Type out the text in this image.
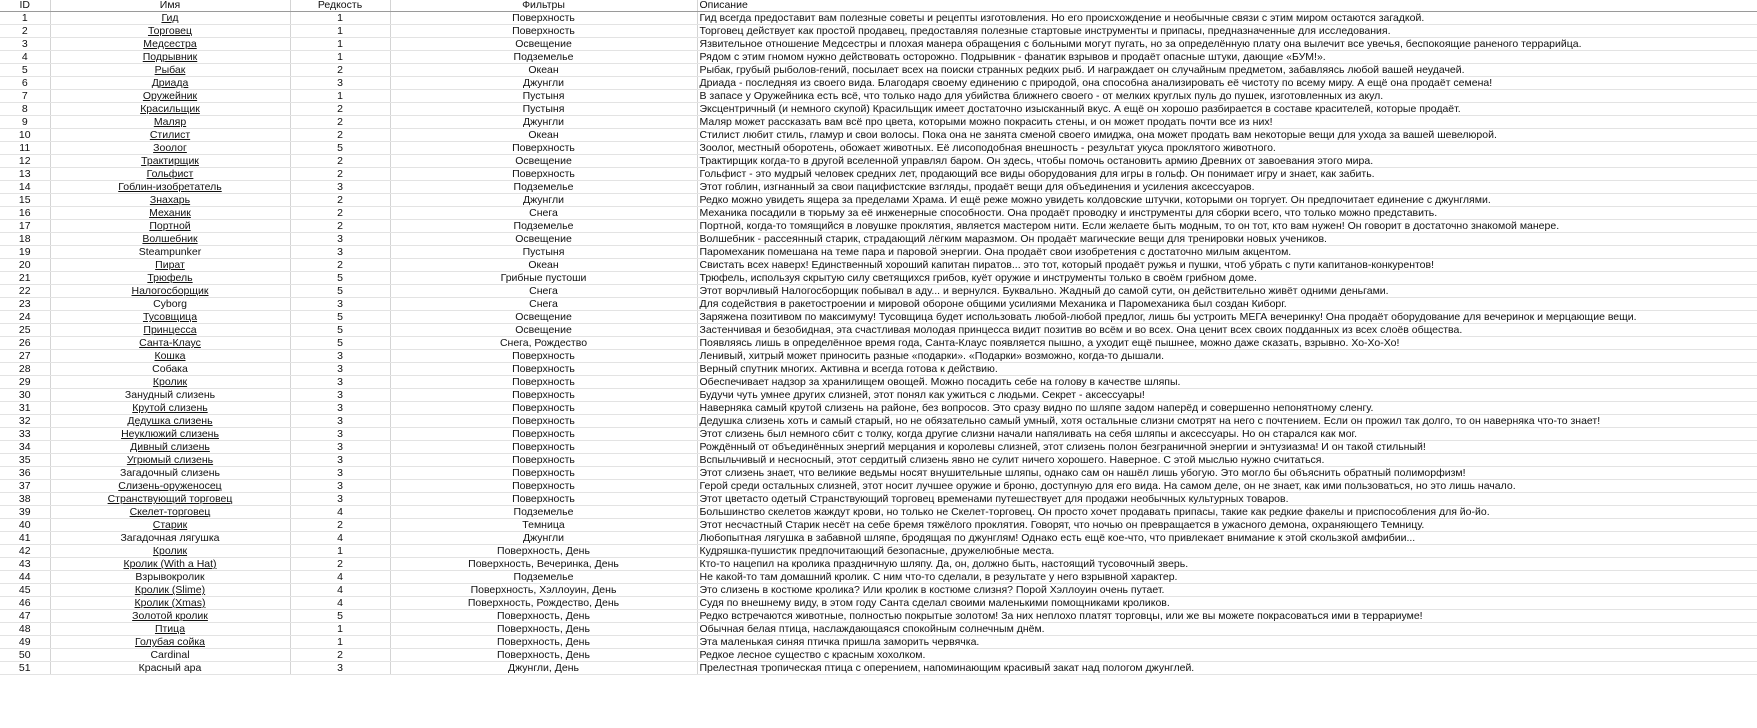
ID	Имя	Редкость	Фильтры	Описание
1	Гид	1	Поверхность	Гид всегда предоставит вам полезные советы и рецепты изготовления. Но его происхождение и необычные связи с этим миром остаются загадкой.
2	Торговец	1	Поверхность	Торговец действует как простой продавец, предоставляя полезные стартовые инструменты и припасы, предназначенные для исследования.
3	Медсестра	1	Освещение	Язвительное отношение Медсестры и плохая манера обращения с больными могут пугать, но за определённую плату она вылечит все увечья, беспокоящие раненого террарийца.
4	Подрывник	1	Подземелье	Рядом с этим гномом нужно действовать осторожно. Подрывник - фанатик взрывов и продаёт опасные штуки, дающие «БУМ!».
5	Рыбак	2	Океан	Рыбак, грубый рыболов-гений, посылает всех на поиски странных редких рыб. И награждает он случайным предметом, забавляясь любой вашей неудачей.
6	Дриада	3	Джунгли	Дриада - последняя из своего вида. Благодаря своему единению с природой, она способна анализировать её чистоту по всему миру. А ещё она продаёт семена!
7	Оружейник	1	Пустыня	В запасе у Оружейника есть всё, что только надо для убийства ближнего своего - от мелких круглых пуль до пушек, изготовленных из акул.
8	Красильщик	2	Пустыня	Эксцентричный (и немного скупой) Красильщик имеет достаточно изысканный вкус. А ещё он хорошо разбирается в составе красителей, которые продаёт.
9	Маляр	2	Джунгли	Маляр может рассказать вам всё про цвета, которыми можно покрасить стены, и он может продать почти все из них!
10	Стилист	2	Океан	Стилист любит стиль, гламур и свои волосы. Пока она не занята сменой своего имиджа, она может продать вам некоторые вещи для ухода за вашей шевелюрой.
11	Зоолог	5	Поверхность	Зоолог, местный оборотень, обожает животных. Её лисоподобная внешность - результат укуса проклятого животного.
12	Трактирщик	2	Освещение	Трактирщик когда-то в другой вселенной управлял баром. Он здесь, чтобы помочь остановить армию Древних от завоевания этого мира.
13	Гольфист	2	Поверхность	Гольфист - это мудрый человек средних лет, продающий все виды оборудования для игры в гольф. Он понимает игру и знает, как забить.
14	Гоблин-изобретатель	3	Подземелье	Этот гоблин, изгнанный за свои пацифистские взгляды, продаёт вещи для объединения и усиления аксессуаров.
15	Знахарь	2	Джунгли	Редко можно увидеть ящера за пределами Храма. И ещё реже можно увидеть колдовские штучки, которыми он торгует. Он предпочитает единение с джунглями.
16	Механик	2	Снега	Механика посадили в тюрьму за её инженерные способности. Она продаёт проводку и инструменты для сборки всего, что только можно представить.
17	Портной	2	Подземелье	Портной, когда-то томящийся в ловушке проклятия, является мастером нити. Если желаете быть модным, то он тот, кто вам нужен! Он говорит в достаточно знакомой манере.
18	Волшебник	3	Освещение	Волшебник - рассеянный старик, страдающий лёгким маразмом. Он продаёт магические вещи для тренировки новых учеников.
19	Steampunker	3	Пустыня	Паромеханик помешана на теме пара и паровой энергии. Она продаёт свои изобретения с достаточно милым акцентом.
20	Пират	2	Океан	Свистать всех наверх! Единственный хороший капитан пиратов... это тот, который продаёт ружья и пушки, чтоб убрать с пути капитанов-конкурентов!
21	Трюфель	5	Грибные пустоши	Трюфель, используя скрытую силу светящихся грибов, куёт оружие и инструменты только в своём грибном доме.
22	Налогосборщик	5	Снега	Этот ворчливый Налогосборщик побывал в аду... и вернулся. Буквально. Жадный до самой сути, он действительно живёт одними деньгами.
23	Cyborg	3	Снега	Для содействия в ракетостроении и мировой обороне общими усилиями Механика и Паромеханика был создан Киборг.
24	Тусовщица	5	Освещение	Заряжена позитивом по максимуму! Тусовщица будет использовать любой-любой предлог, лишь бы устроить МЕГА вечеринку! Она продаёт оборудование для вечеринок и мерцающие вещи.
25	Принцесса	5	Освещение	Застенчивая и безобидная, эта счастливая молодая принцесса видит позитив во всём и во всех. Она ценит всех своих подданных из всех слоёв общества.
26	Санта-Клаус	5	Снега, Рождество	Появляясь лишь в определённое время года, Санта-Клаус появляется пышно, а уходит ещё пышнее, можно даже сказать, взрывно. Хо-Хо-Хо!
27	Кошка	3	Поверхность	Ленивый, хитрый может приносить разные «подарки». «Подарки» возможно, когда-то дышали.
28	Собака	3	Поверхность	Верный спутник многих. Активна и всегда готова к действию.
29	Кролик	3	Поверхность	Обеспечивает надзор за хранилищем овощей. Можно посадить себе на голову в качестве шляпы.
30	Занудный слизень	3	Поверхность	Будучи чуть умнее других слизней, этот понял как ужиться с людьми. Секрет - аксессуары!
31	Крутой слизень	3	Поверхность	Наверняка самый крутой слизень на районе, без вопросов. Это сразу видно по шляпе задом наперёд и совершенно непонятному сленгу.
32	Дедушка слизень	3	Поверхность	Дедушка слизень хоть и самый старый, но не обязательно самый умный, хотя остальные слизни смотрят на него с почтением. Если он прожил так долго, то он наверняка что-то знает!
33	Неуклюжий слизень	3	Поверхность	Этот слизень был немного сбит с толку, когда другие слизни начали напяливать на себя шляпы и аксессуары. Но он старался как мог.
34	Дивный слизень	3	Поверхность	Рождённый от объединённых энергий мерцания и королевы слизней, этот слизень полон безграничной энергии и энтузиазма! И он такой стильный!
35	Угрюмый слизень	3	Поверхность	Вспыльчивый и несносный, этот сердитый слизень явно не сулит ничего хорошего. Наверное. С этой мыслью нужно считаться.
36	Загадочный слизень	3	Поверхность	Этот слизень знает, что великие ведьмы носят внушительные шляпы, однако сам он нашёл лишь убогую. Это могло бы объяснить обратный полиморфизм!
37	Слизень-оруженосец	3	Поверхность	Герой среди остальных слизней, этот носит лучшее оружие и броню, доступную для его вида. На самом деле, он не знает, как ими пользоваться, но это лишь начало.
38	Странствующий торговец	3	Поверхность	Этот цветасто одетый Странствующий торговец временами путешествует для продажи необычных культурных товаров.
39	Скелет-торговец	4	Подземелье	Большинство скелетов жаждут крови, но только не Скелет-торговец. Он просто хочет продавать припасы, такие как редкие факелы и приспособления для йо-йо.
40	Старик	2	Темница	Этот несчастный Старик несёт на себе бремя тяжёлого проклятия. Говорят, что ночью он превращается в ужасного демона, охраняющего Темницу.
41	Загадочная лягушка	4	Джунгли	Любопытная лягушка в забавной шляпе, бродящая по джунглям! Однако есть ещё кое-что, что привлекает внимание к этой скользкой амфибии...
42	Кролик	1	Поверхность, День	Кудряшка-пушистик предпочитающий безопасные, дружелюбные места.
43	Кролик (With a Hat)	2	Поверхность, Вечеринка, День	Кто-то нацепил на кролика праздничную шляпу. Да, он, должно быть, настоящий тусовочный зверь.
44	Взрывокролик	4	Подземелье	Не какой-то там домашний кролик. С ним что-то сделали, в результате у него взрывной характер.
45	Кролик (Slime)	4	Поверхность, Хэллоуин, День	Это слизень в костюме кролика? Или кролик в костюме слизня? Порой Хэллоуин очень путает.
46	Кролик (Xmas)	4	Поверхность, Рождество, День	Судя по внешнему виду, в этом году Санта сделал своими маленькими помощниками кроликов.
47	Золотой кролик	5	Поверхность, День	Редко встречаются животные, полностью покрытые золотом! За них неплохо платят торговцы, или же вы можете покрасоваться ими в террариуме!
48	Птица	1	Поверхность, День	Обычная белая птица, наслаждающаяся спокойным солнечным днём.
49	Голубая сойка	1	Поверхность, День	Эта маленькая синяя птичка пришла заморить червячка.
50	Cardinal	2	Поверхность, День	Редкое лесное существо с красным хохолком.
51	Красный ара	3	Джунгли, День	Прелестная тропическая птица с оперением, напоминающим красивый закат над пологом джунглей.
